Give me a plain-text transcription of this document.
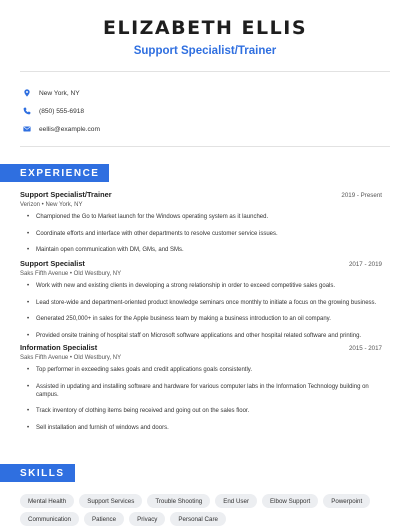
ELIZABETH ELLIS
Support Specialist/Trainer
New York, NY
(850) 555-6918
eellis@example.com
EXPERIENCE
Support Specialist/Trainer	2019 - Present
Verizon • New York, NY
• Championed the Go to Market launch for the Windows operating system as it launched.
• Coordinate efforts and interface with other departments to resolve customer service issues.
• Maintain open communication with DM, GMs, and SMs.
Support Specialist	2017 - 2019
Saks Fifth Avenue • Old Westbury, NY
• Work with new and existing clients in developing a strong relationship in order to exceed competitive sales goals.
• Lead store-wide and department-oriented product knowledge seminars once monthly to initiate a focus on the growing business.
• Generated 250,000+ in sales for the Apple business team by making a business introduction to an oil company.
• Provided onsite training of hospital staff on Microsoft software applications and other hospital related software and printing.
Information Specialist	2015 - 2017
Saks Fifth Avenue • Old Westbury, NY
• Top performer in exceeding sales goals and credit applications goals consistently.
• Assisted in updating and installing software and hardware for various computer labs in the Information Technology building on campus.
• Track inventory of clothing items being received and going out on the sales floor.
• Sell installation and furnish of windows and doors.
SKILLS
Mental Health	Support Services	Trouble Shooting	End User	Elbow Support	Powerpoint
Communication	Patience	Privacy	Personal Care
